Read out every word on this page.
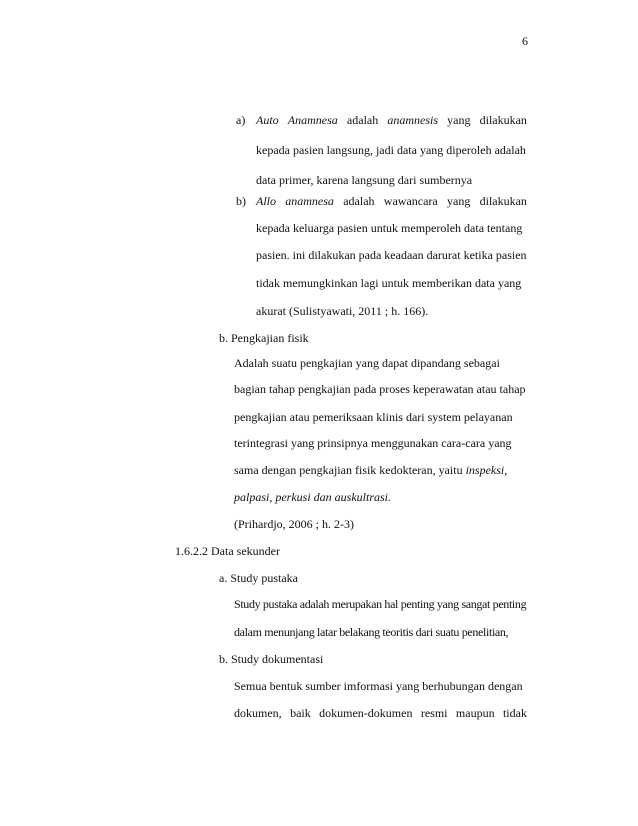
6
a) Auto Anamnesa adalah anamnesis yang dilakukan
kepada pasien langsung, jadi data yang diperoleh adalah
data primer, karena langsung dari sumbernya
b) Allo anamnesa adalah wawancara yang dilakukan
kepada keluarga pasien untuk memperoleh data tentang
pasien. ini dilakukan pada keadaan darurat ketika pasien
tidak memungkinkan lagi untuk memberikan data yang
akurat (Sulistyawati, 2011 ; h. 166).
b. Pengkajian fisik
Adalah suatu pengkajian yang dapat dipandang sebagai
bagian tahap pengkajian pada proses keperawatan atau tahap
pengkajian atau pemeriksaan klinis dari system pelayanan
terintegrasi yang prinsipnya menggunakan cara-cara yang
sama dengan pengkajian fisik kedokteran, yaitu inspeksi,
palpasi, perkusi dan auskultrasi.
(Prihardjo, 2006 ; h. 2-3)
1.6.2.2 Data sekunder
a. Study pustaka
Study pustaka adalah merupakan hal penting yang sangat penting
dalam menunjang latar belakang teoritis dari suatu penelitian,
b. Study dokumentasi
Semua bentuk sumber imformasi yang berhubungan dengan
dokumen, baik dokumen-dokumen resmi maupun tidak
